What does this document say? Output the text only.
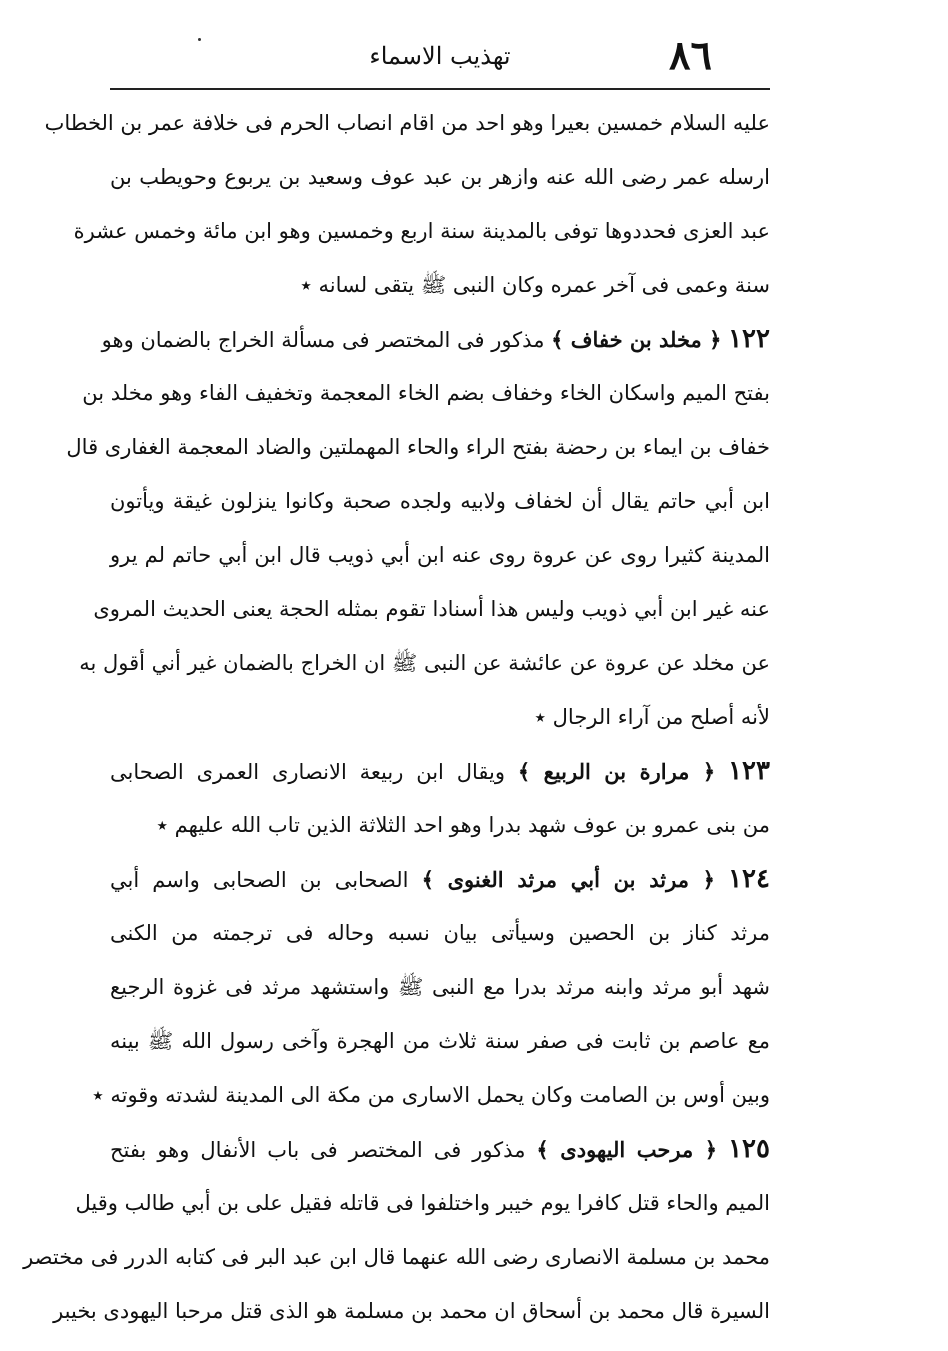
٨٦
تهذيب الاسماء
عليه السلام خمسين بعيرا وهو احد من اقام انصاب الحرم فى خلافة عمر بن الخطاب
ارسله عمر رضى الله عنه وازهر بن عبد عوف وسعيد بن يربوع وحويطب بن
عبد العزى فحددوها توفى بالمدينة سنة اربع وخمسين وهو ابن مائة وخمس عشرة
سنة وعمى فى آخر عمره وكان النبى ﷺ يتقى لسانه ٭
١٢٢ ﴿ مخلد بن خفاف ﴾ مذكور فى المختصر فى مسألة الخراج بالضمان وهو
بفتح الميم واسكان الخاء وخفاف بضم الخاء المعجمة وتخفيف الفاء وهو مخلد بن
خفاف بن ايماء بن رحضة بفتح الراء والحاء المهملتين والضاد المعجمة الغفارى قال
ابن أبي حاتم يقال أن لخفاف ولابيه ولجده صحبة وكانوا ينزلون غيقة ويأتون
المدينة كثيرا روى عن عروة روى عنه ابن أبي ذويب قال ابن أبي حاتم لم يرو
عنه غير ابن أبي ذويب وليس هذا أسنادا تقوم بمثله الحجة يعنى الحديث المروى
عن مخلد عن عروة عن عائشة عن النبى ﷺ ان الخراج بالضمان غير أني أقول به
لأنه أصلح من آراء الرجال ٭
١٢٣ ﴿ مرارة بن الربيع ﴾ ويقال ابن ربيعة الانصارى العمرى الصحابى
من بنى عمرو بن عوف شهد بدرا وهو احد الثلاثة الذين تاب الله عليهم ٭
١٢٤ ﴿ مرثد بن أبي مرثد الغنوى ﴾ الصحابى بن الصحابى واسم أبي
مرثد كناز بن الحصين وسيأتى بيان نسبه وحاله فى ترجمته من الكنى
شهد أبو مرثد وابنه مرثد بدرا مع النبى ﷺ واستشهد مرثد فى غزوة الرجيع
مع عاصم بن ثابت فى صفر سنة ثلاث من الهجرة وآخى رسول الله ﷺ بينه
وبين أوس بن الصامت وكان يحمل الاسارى من مكة الى المدينة لشدته وقوته ٭
١٢٥ ﴿ مرحب اليهودى ﴾ مذكور فى المختصر فى باب الأنفال وهو بفتح
الميم والحاء قتل كافرا يوم خيبر واختلفوا فى قاتله فقيل على بن أبي طالب وقيل
محمد بن مسلمة الانصارى رضى الله عنهما قال ابن عبد البر فى كتابه الدرر فى مختصر
السيرة قال محمد بن أسحاق ان محمد بن مسلمة هو الذى قتل مرحبا اليهودى بخيبر
